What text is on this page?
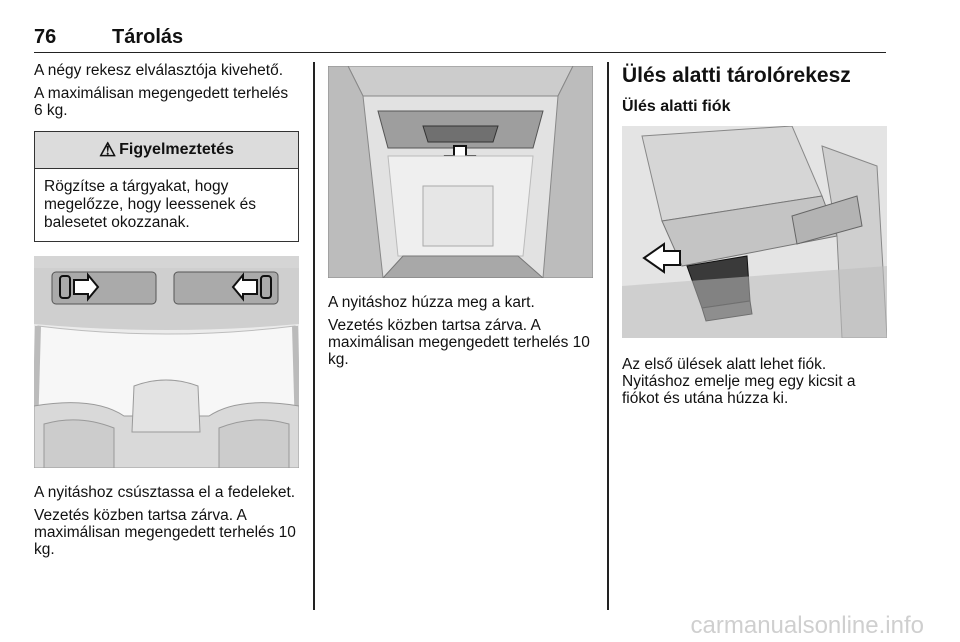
76	Tárolás

A négy rekesz elválasztója kivehető.

A maximálisan megengedett terhelés 6 kg.

⚠ Figyelmeztetés
Rögzítse a tárgyakat, hogy megelőzze, hogy leessenek és balesetet okozzanak.

A nyitáshoz csúsztassa el a fedeleket.

Vezetés közben tartsa zárva. A maximálisan megengedett terhelés 10 kg.

A nyitáshoz húzza meg a kart.

Vezetés közben tartsa zárva. A maximálisan megengedett terhelés 10 kg.

Ülés alatti tárolórekesz
Ülés alatti fiók

Az első ülések alatt lehet fiók. Nyitáshoz emelje meg egy kicsit a fiókot és utána húzza ki.

carmanualsonline.info
